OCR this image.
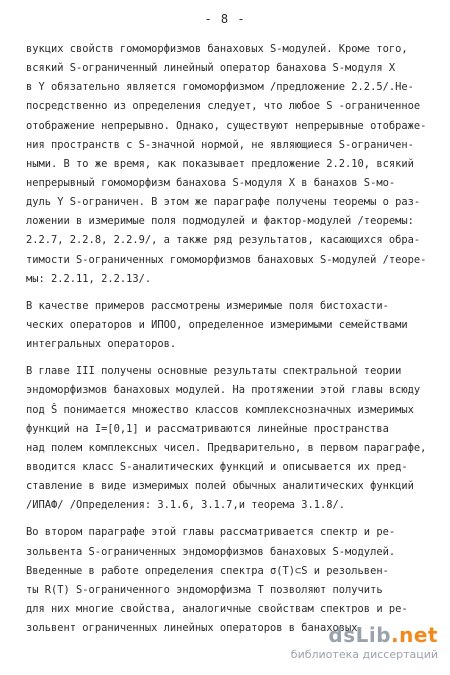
- 8 -
вукцих свойств гомоморфизмов банаховых S-модулей. Кроме того,
всякий S-ограниченный линейный оператор банахова S-модуля X
в Y обязательно является гомоморфизмом /предложение 2.2.5/.Не-
посредственно из определения следует, что любое S -ограниченное
отображение непрерывно. Однако, существуют непрерывные отображе-
ния пространств с S-значной нормой, не являющиеся S-ограничен-
ными. В то же время, как показывает предложение 2.2.10, всякий
непрерывный гомоморфизм банахова S-модуля X в банахов S-мо-
дуль Y S-ограничен. В этом же параграфе получены теоремы о раз-
ложении в измеримые поля подмодулей и фактор-модулей /теоремы:
2.2.7, 2.2.8, 2.2.9/, а также ряд результатов, касающихся обра-
тимости S-ограниченных гомоморфизмов банаховых S-модулей /теоре-
мы: 2.2.11, 2.2.13/.
В качестве примеров рассмотрены измеримые поля бистохасти-
ческих операторов и ИПОО, определенное измеримыми семействами
интегральных операторов.
В главе III получены основные результаты спектральной теории
эндоморфизмов банаховых модулей. На протяжении этой главы всюду
под Ŝ понимается множество классов комплекснозначных измеримых
функций на I=[0,1] и рассматриваются линейные пространства
над полем комплексных чисел. Предварительно, в первом параграфе,
вводится класс S-аналитических функций и описывается их пред-
ставление в виде измеримых полей обычных аналитических функций
/ИПАФ/ /Определения: 3.1.6, 3.1.7,и теорема 3.1.8/.
Во втором параграфе этой главы рассматривается спектр и ре-
зольвента S-ограниченных эндоморфизмов банаховых S-модулей.
Введенные в работе определения спектра σ(T)⊂S и резольвен-
ты R(T) S-ограниченного эндоморфизма T позволяют получить
для них многие свойства, аналогичные свойствам спектров и ре-
зольвент ограниченных линейных операторов в банаховых
dsLib.net
библиотека диссертаций
